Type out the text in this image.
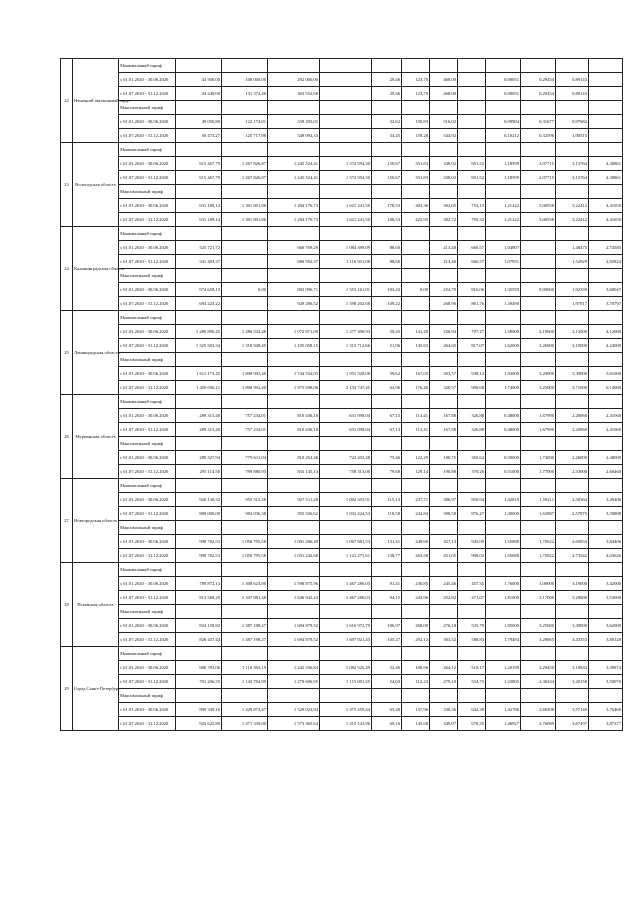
22	Ненецкий автономный округ	Минимальный тариф												

		с 01.01.2020 - 30.06.2020	43 500,00	108 000,00	292 000,00		29,46	123,70	468,00		0,00051	0,29454	0,89143	

		с 01.07.2020 - 31.12.2020	44 249,00	131 372,46	303 552,68		29,46	123,70	468,00		0,00051	0,29454	0,89143	

		Максимальный тариф												

		с 01.01.2020 - 30.06.2020	49 050,80	122 174,01	339 295,01		32,62	150,83	516,02		0,09904	0,31677	0,97682	

		с 01.07.2020 - 31.12.2020	50 473,27	125 717,98	349 094,33		34,45	159,28	544,92		0,10212	0,32596	1,00515	
23	Вологодская область	Минимальный тариф												

		с 01.01.2020 - 30.06.2020	615 467,79	1 267 826,87	1 245 524,41	1 572 594,30	150,67	331,83	338,02	691,52	1,18599	2,97715	3,13764	4,30861

		с 01.07.2020 - 31.12.2020	615 467,79	1 267 826,87	1 245 524,41	1 572 594,30	150,67	331,83	338,02	691,52	1,18599	2,97715	3,13764	4,30861

		Максимальный тариф												

		с 01.01.2020 - 30.06.2020	631 189,14	1 301 801,86	1 284 176,73	1 621 241,50	178,53	403,36	362,05	753,15	1,21222	3,00558	3,22412	4,41650

		с 01.07.2020 - 31.12.2020	631 189,14	1 301 801,86	1 284 176,73	1 621 241,50	188,53	425,95	382,72	795,32	1,21222	3,00558	3,22412	4,41650
24	Калининградская область	Минимальный тариф												

		с 01.01.2020 - 30.06.2020	525 721,72		660 769,29	1 084 399,09	88,60		213,40	660,57	1,04807		1,48475	2,74585

		с 01.07.2020 - 31.12.2020	541 493,37		680 592,37	1 116 931,08	88,60		213,40	660,57	1,07951		1,52929	2,82824

		Максимальный тариф												

		с 01.01.2020 - 30.06.2020	674 658,13	0,00	903 096,71	1 553 161,01	103,43	0,00	254,70	816,06	1,35559	0,00000	1,92339	3,60047

		с 01.07.2020 - 31.12.2020	694 223,22		929 286,52	1 598 202,68	109,22		268,96	861,76	1,39490		1,97917	3,70797
25	Ленинградская область	Минимальный тариф												

		с 01.01.2020 - 30.06.2020	1 286 896,45	1 280 532,48	1 072 871,09	1 277 390,93	50,45	141,29	256,94	797,27	1,58000	2,19000	2,13000	4,12000

		с 01.07.2020 - 31.12.2020	1 325 503,34	1 318 948,45	1 105 058,15	1 315 712,66	51,96	145,63	264,65	817,07	1,62000	2,26000	2,19000	4,24000

		Максимальный тариф												

		с 01.01.2020 - 30.06.2020	1 611 173,45	1 808 992,40	1 744 532,05	1 951 320,08	59,62	167,05	303,57	938,14	1,93000	3,29000	3,39000	5,61000

		с 01.07.2020 - 31.12.2020	1 450 056,11	1 808 992,40	1 875 698,06	2 134 747,45	62,96	176,40	320,57	990,68	1,74000	3,25000	3,71000	6,14000
26	Мурманская область	Минимальный тариф												

		с 01.01.2020 - 30.06.2020	289 315,40	757 234,01	810 436,18	631 098,04	67,13	113,41	167,88	326,88	0,48000	1,67990	2,20060	2,41060

		с 01.07.2020 - 31.12.2020	289 315,40	757 234,01	810 436,18	631 098,04	67,13	113,41	167,88	326,88	0,48000	1,67990	2,20060	2,41060

		Максимальный тариф												

		с 01.01.2020 - 30.06.2020	289 327,94	779 611,04	810 452,46	722 202,48	75,46	122,29	180,75	350,62	0,50000	1,73000	2,26000	2,48000

		с 01.07.2020 - 31.12.2020	295 114,50	799 880,93	833 145,13	758 313,00	79,68	129,14	190,88	370,26	0,51000	1,77000	2,33000	2,60460
27	Новгородская область	Минимальный тариф												

		с 01.01.2020 - 30.06.2020	926 130,32	955 515,28	927 511,28	1 002 353,91	115,13	237,71	386,97	850,94	1,42819	1,59211	2,50364	3,49406

		с 01.07.2020 - 31.12.2020	800 000,00	984 036,38	955 336,62	1 032 424,53	118,58	244,84	398,58	876,47	1,30000	1,63987	2,57875	3,59888

		Максимальный тариф												

		с 01.01.2020 - 30.06.2020	998 782,53	1 050 795,58	1 001 206,49	1 067 881,53	131,41	249,60	427,13	945,09	1,55088	1,75022	2,65833	3,84406

		с 01.07.2020 - 31.12.2020	998 782,53	1 050 795,58	1 031 242,68	1 121 275,61	138,77	263,58	451,05	998,02	1,55088	1,75022	2,73542	4,03626
28	Псковская область	Минимальный тариф												

		с 01.01.2020 - 30.06.2020	789 872,13	1 308 623,80	1 598 875,96	1 467 286,03	91,41	236,85	245,46	457,35	1,76000	3,08000	3,19000	3,42000

		с 01.07.2020 - 31.12.2020	813 568,29	1 347 881,48	1 646 842,24	1 467 286,03	94,15	243,96	252,82	471,07	1,81000	3,17000	3,29000	3,53000

		Максимальный тариф												

		с 01.01.2020 - 30.06.2020	834 158,82	1 387 198,27	1 694 879,52	1 616 972,79	106,97	268,00	276,18	535,79	1,85000	3,25000	3,39000	3,62000

		с 01.07.2020 - 31.12.2020	826 437,44	1 387 198,27	1 694 879,52	1 697 821,43	105,27	292,12	303,52	588,83	1,79484	3,29065	3,43353	3,80128
29	Город Санкт-Петербург	Минимальный тариф												

		с 01.01.2020 - 30.06.2020	680 783,06	1 110 393,19	1 242 336,84	1 082 525,49	52,46	108,96	264,12	519,17	1,20199	2,29450	3,10833	3,39874

		с 01.07.2020 - 31.12.2020	701 206,55	1 143 704,99	1 279 606,95	1 115 001,25	54,03	112,23	279,10	534,75	1,23805	2,36334	3,20158	3,50070

		Максимальный тариф												

		с 01.01.2020 - 30.06.2020	899 339,16	1 429 873,47	1 529 023,94	1 375 259,44	65,49	137,96	330,36	642,38	1,42786	2,68308	3,57140	3,76460

		с 01.07.2020 - 31.12.2020	925 625,80	1 471 339,80	1 573 365,64	1 415 143,96	69,16	145,68	349,07	678,35	1,46927	2,76089	3,67497	3,87377
